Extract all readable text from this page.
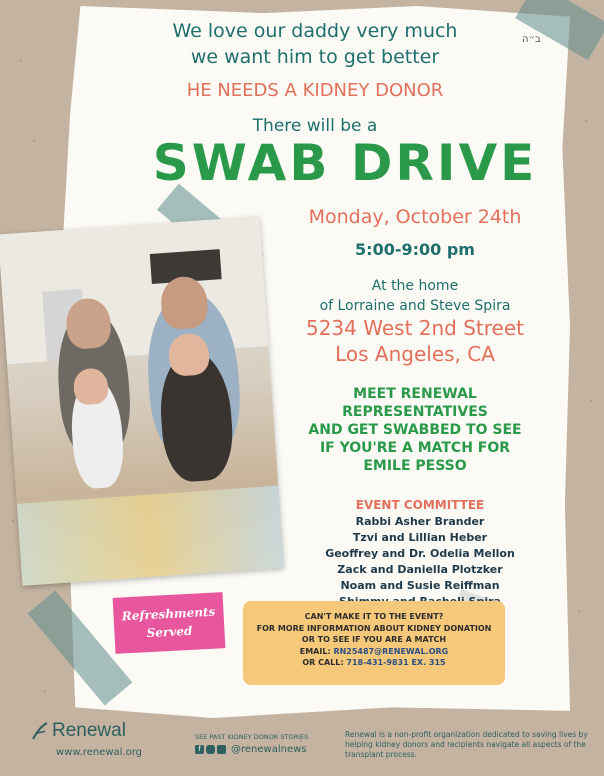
ב״ה
We love our daddy very much
we want him to get better
HE NEEDS A KIDNEY DONOR
There will be a
SWAB DRIVE
Monday, October 24th
5:00-9:00 pm
At the home
of Lorraine and Steve Spira
5234 West 2nd Street
Los Angeles, CA
MEET RENEWAL
REPRESENTATIVES
AND GET SWABBED TO SEE
IF YOU'RE A MATCH FOR
EMILE PESSO
EVENT COMMITTEE
Rabbi Asher Brander
Tzvi and Lillian Heber
Geoffrey and Dr. Odelia Mellon
Zack and Daniella Plotzker
Noam and Susie Reiffman
Refreshments
Served
CAN'T MAKE IT TO THE EVENT?
FOR MORE INFORMATION ABOUT KIDNEY DONATION
OR TO SEE IF YOU ARE A MATCH
EMAIL: RN25487@RENEWAL.ORG
OR CALL: 718-431-9831 EX. 315
Renewal
www.renewal.org
SEE PAST KIDNEY DONOR STORIES
f	@renewalnews
Renewal is a non-profit organization dedicated to saving lives by helping kidney donors and recipients navigate all aspects of the transplant process.
